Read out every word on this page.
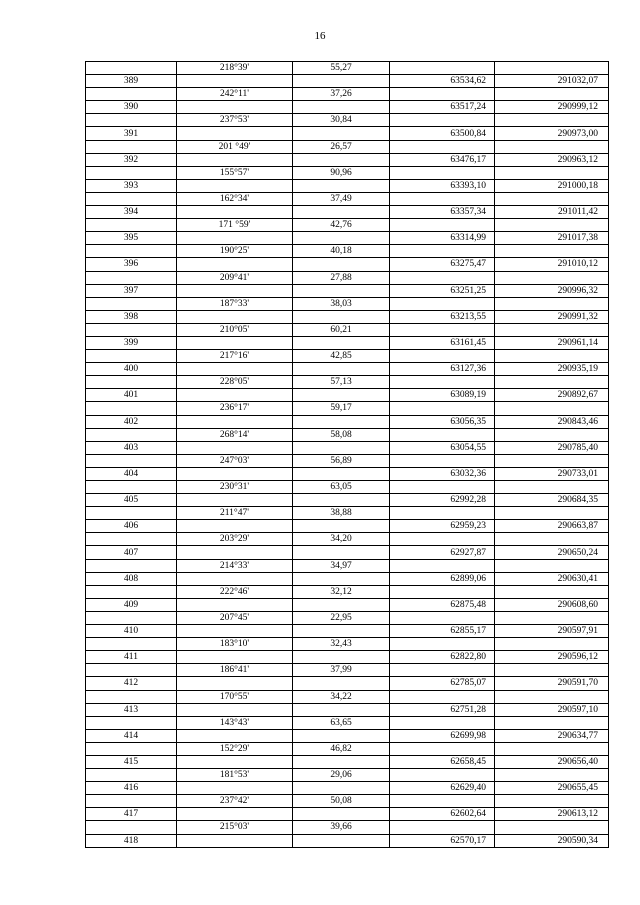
16
	218°39'	55,27		
389			63534,62	291032,07
	242°11'	37,26		
390			63517,24	290999,12
	237°53'	30,84		
391			63500,84	290973,00
	201 °49'	26,57		
392			63476,17	290963,12
	155°57'	90,96		
393			63393,10	291000,18
	162°34'	37,49		
394			63357,34	291011,42
	171 °59'	42,76		
395			63314,99	291017,38
	190°25'	40,18		
396			63275,47	291010,12
	209°41'	27,88		
397			63251,25	290996,32
	187°33'	38,03		
398			63213,55	290991,32
	210°05'	60,21		
399			63161,45	290961,14
	217°16'	42,85		
400			63127,36	290935,19
	228°05'	57,13		
401			63089,19	290892,67
	236°17'	59,17		
402			63056,35	290843,46
	268°14'	58,08		
403			63054,55	290785,40
	247°03'	56,89		
404			63032,36	290733,01
	230°31'	63,05		
405			62992,28	290684,35
	211°47'	38,88		
406			62959,23	290663,87
	203°29'	34,20		
407			62927,87	290650,24
	214°33'	34,97		
408			62899,06	290630,41
	222°46'	32,12		
409			62875,48	290608,60
	207°45'	22,95		
410			62855,17	290597,91
	183°10'	32,43		
411			62822,80	290596,12
	186°41'	37,99		
412			62785,07	290591,70
	170°55'	34,22		
413			62751,28	290597,10
	143°43'	63,65		
414			62699,98	290634,77
	152°29'	46,82		
415			62658,45	290656,40
	181°53'	29,06		
416			62629,40	290655,45
	237°42'	50,08		
417			62602,64	290613,12
	215°03'	39,66		
418			62570,17	290590,34
